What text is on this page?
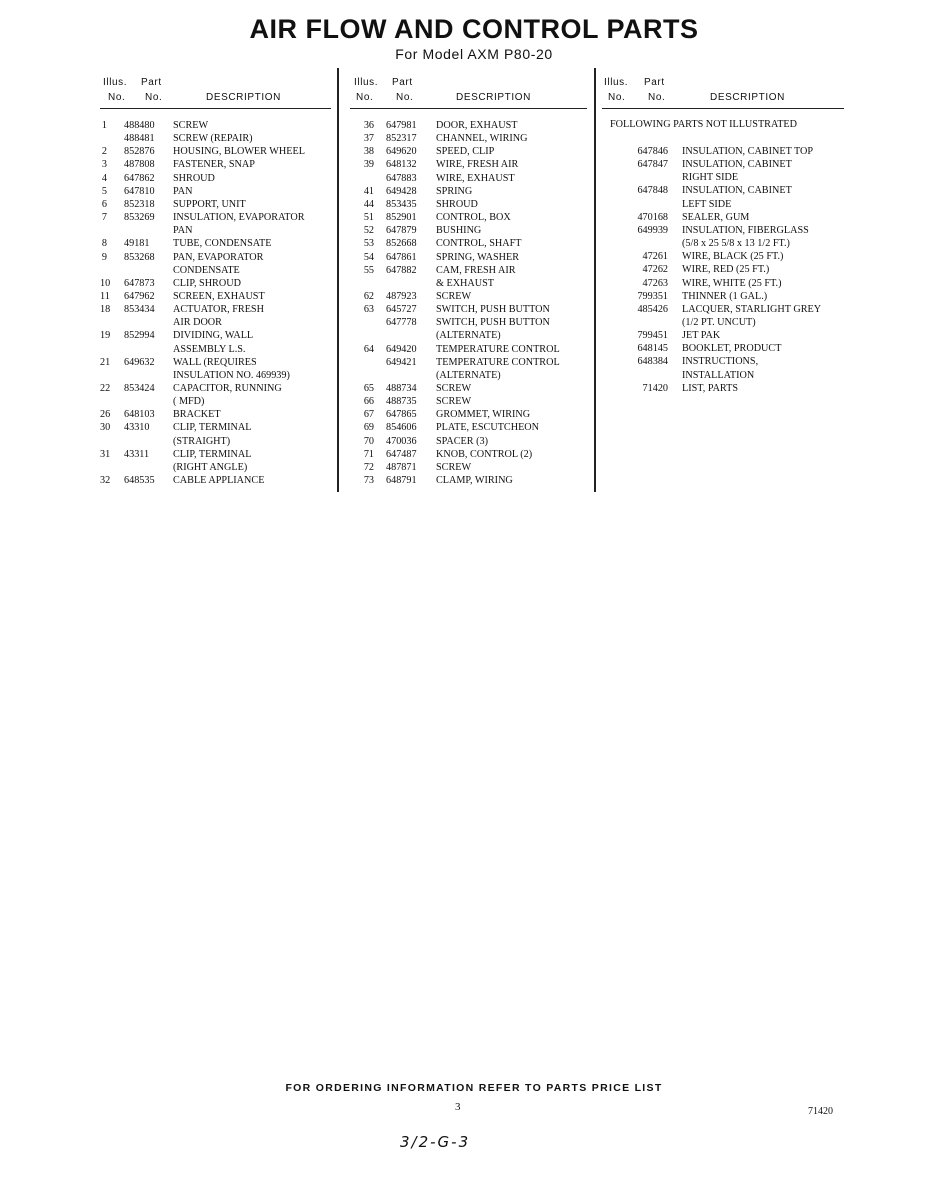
AIR FLOW AND CONTROL PARTS
For Model AXM P80-20
Illus. Part
No. No.	DESCRIPTION
1 488480 SCREW
488481 SCREW (REPAIR)
2 852876 HOUSING, BLOWER WHEEL
3 487808 FASTENER, SNAP
4 647862 SHROUD
5 647810 PAN
6 852318 SUPPORT, UNIT
7 853269 INSULATION, EVAPORATOR
PAN
8 49181 TUBE, CONDENSATE
9 853268 PAN, EVAPORATOR
CONDENSATE
10 647873 CLIP, SHROUD
11 647962 SCREEN, EXHAUST
18 853434 ACTUATOR, FRESH
AIR DOOR
19 852994 DIVIDING, WALL
ASSEMBLY L.S.
21 649632 WALL (REQUIRES
INSULATION NO. 469939)
22 853424 CAPACITOR, RUNNING
( MFD)
26 648103 BRACKET
30 43310 CLIP, TERMINAL
(STRAIGHT)
31 43311 CLIP, TERMINAL
(RIGHT ANGLE)
32 648535 CABLE APPLIANCE
Illus. Part
No. No.	DESCRIPTION
36 647981 DOOR, EXHAUST
37 852317 CHANNEL, WIRING
38 649620 SPEED, CLIP
39 648132 WIRE, FRESH AIR
647883 WIRE, EXHAUST
41 649428 SPRING
44 853435 SHROUD
51 852901 CONTROL, BOX
52 647879 BUSHING
53 852668 CONTROL, SHAFT
54 647861 SPRING, WASHER
55 647882 CAM, FRESH AIR
& EXHAUST
62 487923 SCREW
63 645727 SWITCH, PUSH BUTTON
647778 SWITCH, PUSH BUTTON
(ALTERNATE)
64 649420 TEMPERATURE CONTROL
649421 TEMPERATURE CONTROL
(ALTERNATE)
65 488734 SCREW
66 488735 SCREW
67 647865 GROMMET, WIRING
69 854606 PLATE, ESCUTCHEON
70 470036 SPACER (3)
71 647487 KNOB, CONTROL (2)
72 487871 SCREW
73 648791 CLAMP, WIRING
Illus. Part
No. No.	DESCRIPTION
FOLLOWING PARTS NOT ILLUSTRATED
647846 INSULATION, CABINET TOP
647847 INSULATION, CABINET
RIGHT SIDE
647848 INSULATION, CABINET
LEFT SIDE
470168 SEALER, GUM
649939 INSULATION, FIBERGLASS
(5/8 x 25 5/8 x 13 1/2 FT.)
47261 WIRE, BLACK (25 FT.)
47262 WIRE, RED (25 FT.)
47263 WIRE, WHITE (25 FT.)
799351 THINNER (1 GAL.)
485426 LACQUER, STARLIGHT GREY
(1/2 PT. UNCUT)
799451 JET PAK
648145 BOOKLET, PRODUCT
648384 INSTRUCTIONS,
INSTALLATION
71420 LIST, PARTS
FOR ORDERING INFORMATION REFER TO PARTS PRICE LIST
3	71420
3/2-G-3
